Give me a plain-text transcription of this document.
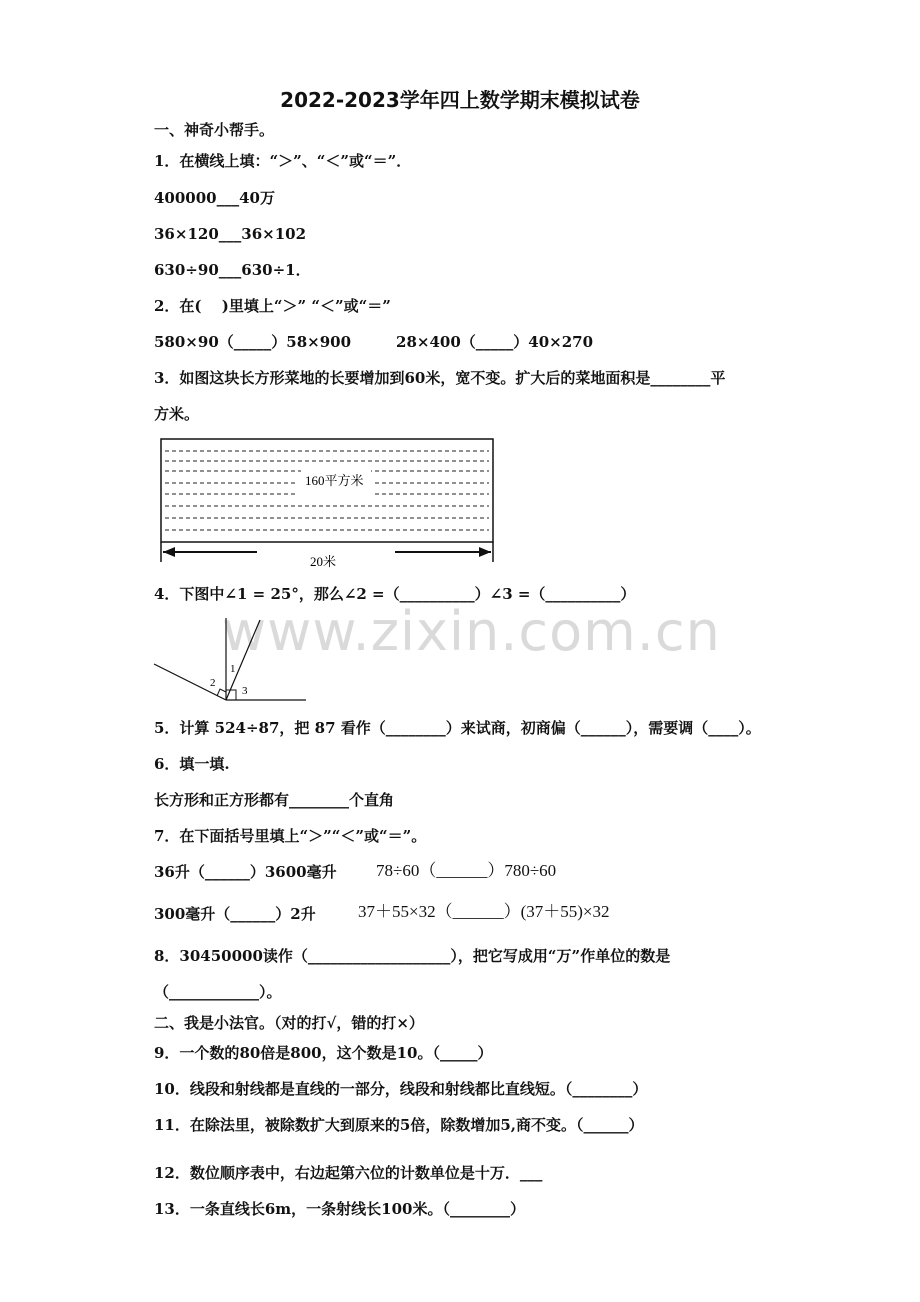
2022-2023学年四上数学期末模拟试卷
www.zixin.com.cn
一、神奇小帮手。
1．在横线上填：“＞”、“＜”或“＝”．
400000___40万
36×120___36×102
630÷90___630÷1．
2．在(　 )里填上“＞” “＜”或“＝”
580×90（_____）58×900　　　28×400（_____）40×270
3．如图这块长方形菜地的长要增加到60米，宽不变。扩大后的菜地面积是________平
方米。
160平方米
20米
4．下图中∠1 = 25°，那么∠2 =（__________）∠3 =（__________）
1
2
3
5．计算 524÷87，把 87 看作（________）来试商，初商偏（______），需要调（____）。
6．填一填.
长方形和正方形都有________个直角
7．在下面括号里填上“＞”“＜”或“＝”。
36升（______）3600毫升 78÷60（______）780÷60
300毫升（______）2升 37＋55×32（______）(37＋55)×32
8．30450000读作（___________________），把它写成用“万”作单位的数是
（____________）。
二、我是小法官。（对的打√，错的打×）
9．一个数的80倍是800，这个数是10。（_____）
10．线段和射线都是直线的一部分，线段和射线都比直线短。（________）
11．在除法里，被除数扩大到原来的5倍，除数增加5,商不变。（______）
12．数位顺序表中，右边起第六位的计数单位是十万．___
13．一条直线长6m，一条射线长100米。（________）
